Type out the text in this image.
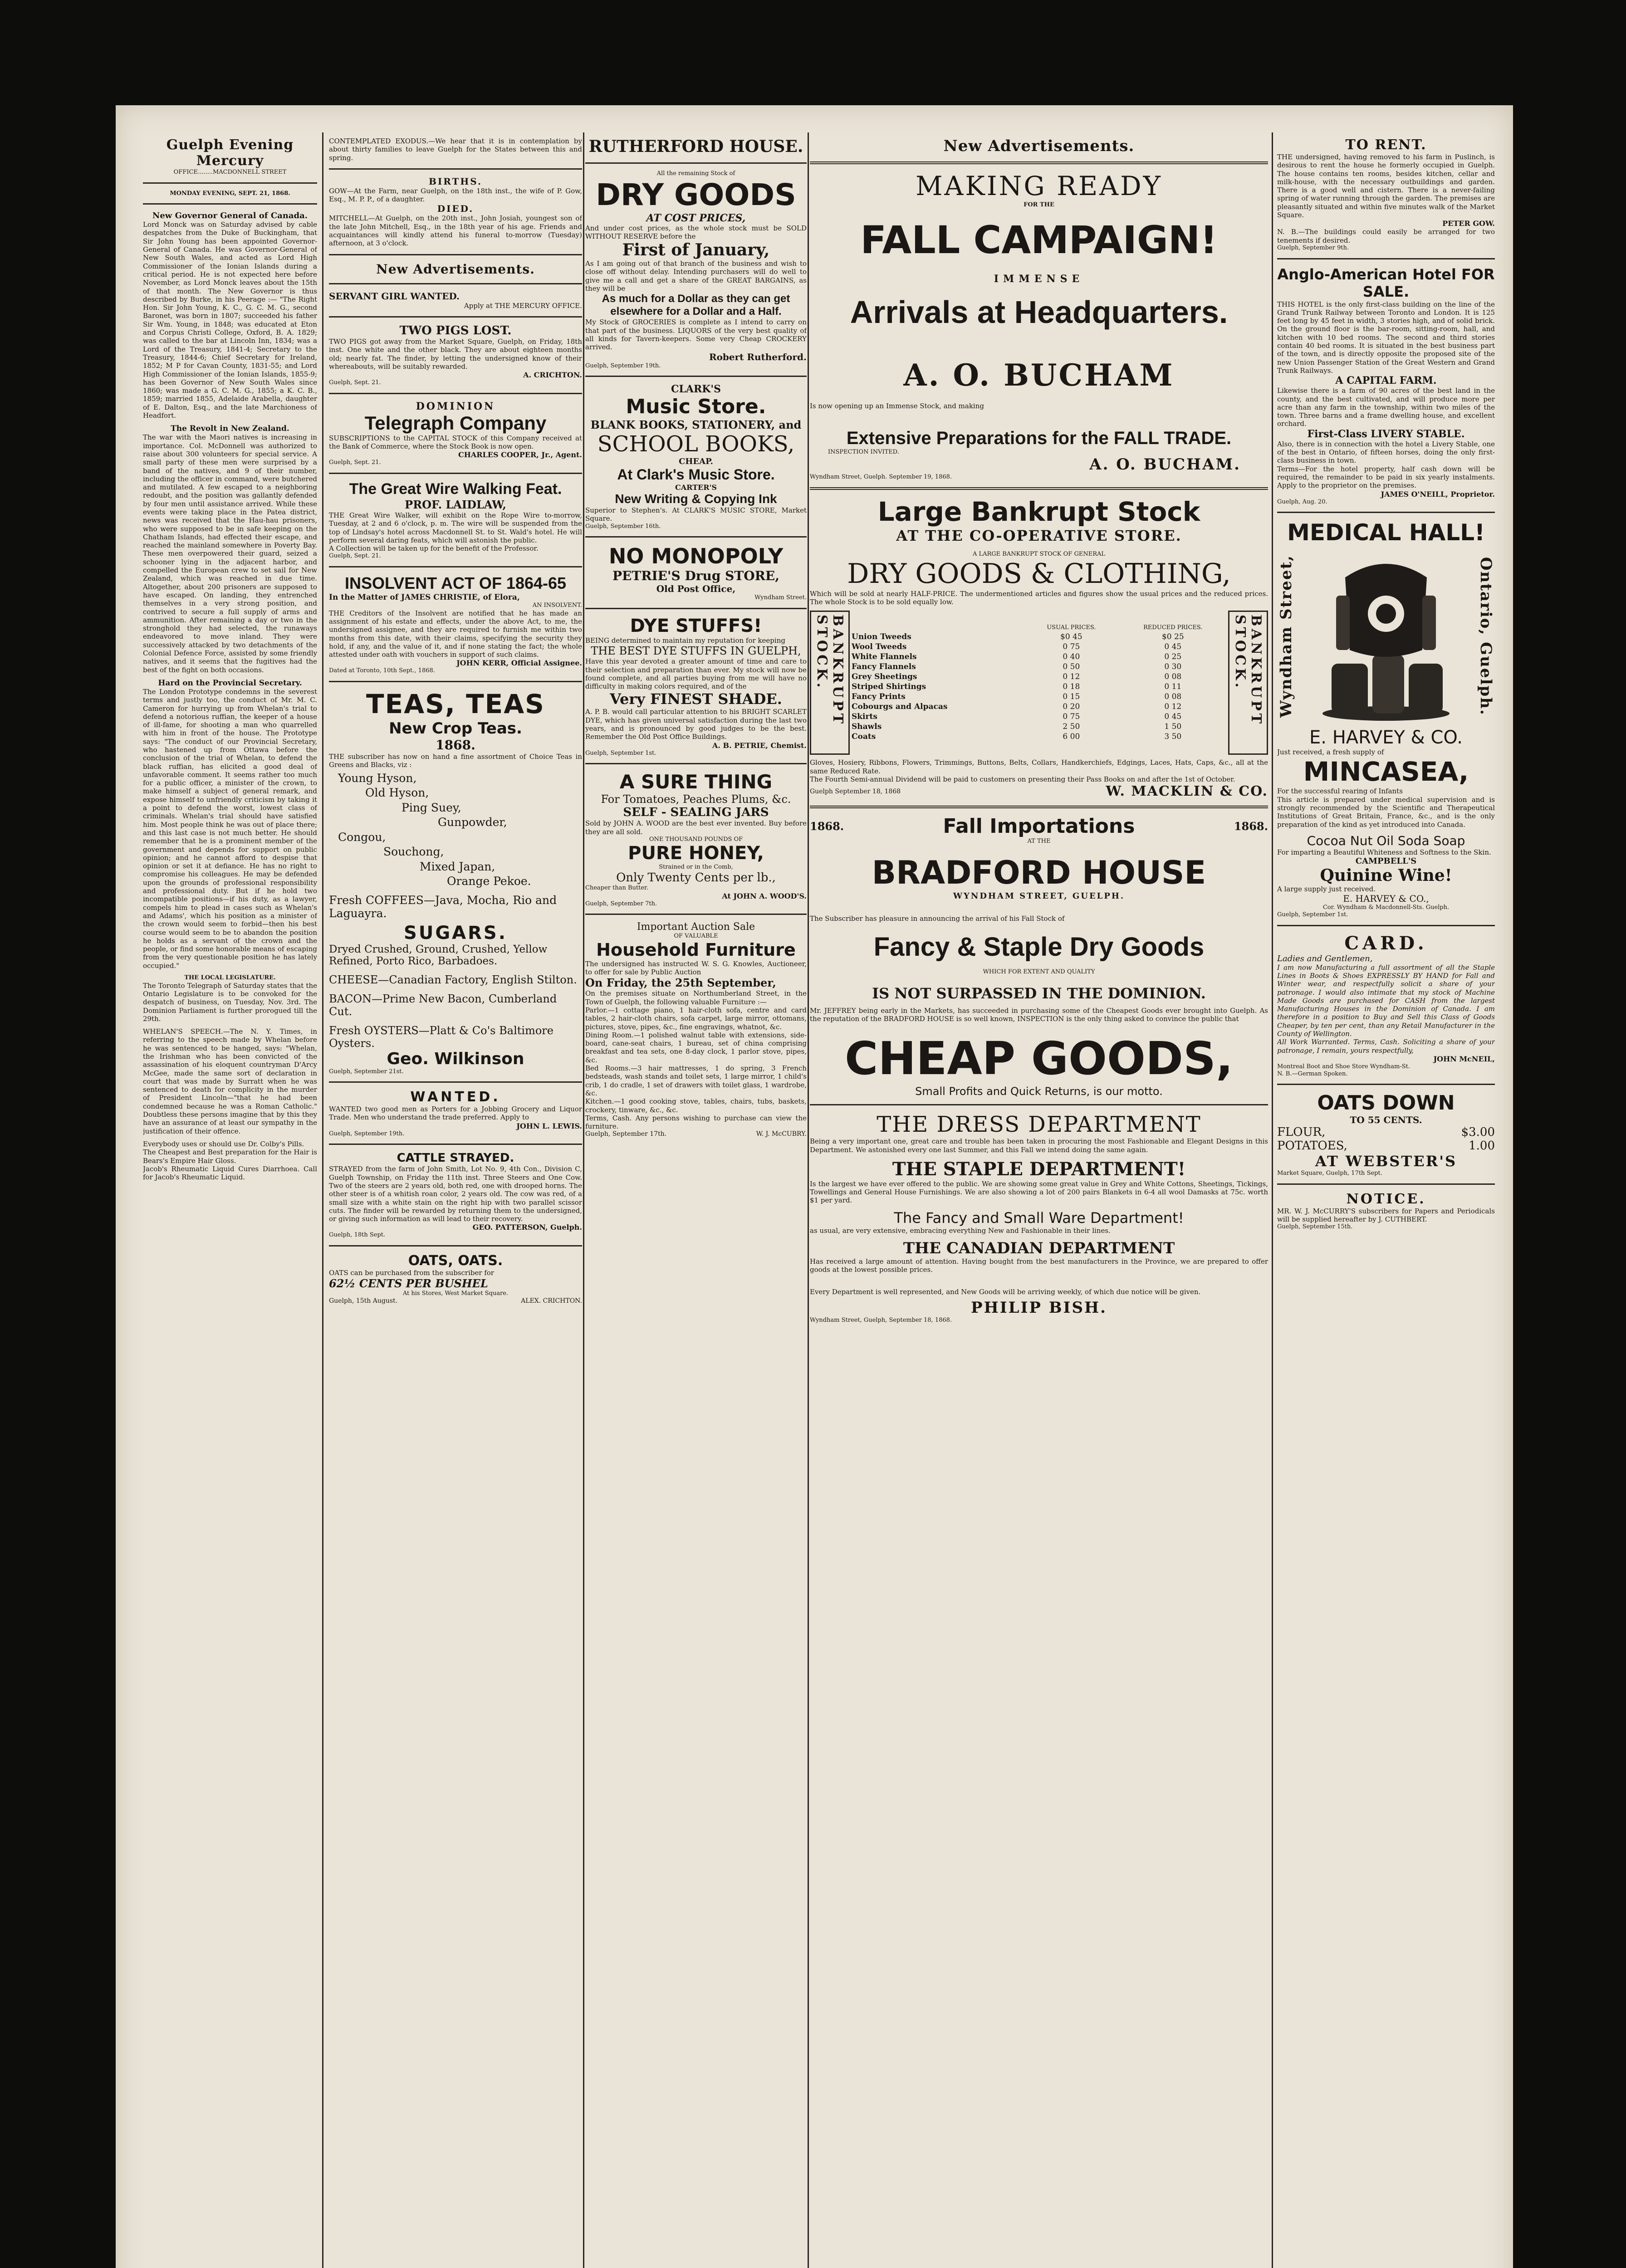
Guelph Evening Mercury
OFFICE........MACDONNELL STREET
MONDAY EVENING, SEPT. 21, 1868.
New Governor General of Canada.
Lord Monck was on Saturday advised by cable despatches from the Duke of Buckingham, that Sir John Young has been appointed Governor-General of Canada. He was Governor-General of New South Wales, and acted as Lord High Commissioner of the Ionian Islands during a critical period. He is not expected here before November, as Lord Monck leaves about the 15th of that month. The New Governor is thus described by Burke, in his Peerage :— "The Right Hon. Sir John Young, K. C., G. C. M. G., second Baronet, was born in 1807; succeeded his father Sir Wm. Young, in 1848; was educated at Eton and Corpus Christi College, Oxford, B. A. 1829; was called to the bar at Lincoln Inn, 1834; was a Lord of the Treasury, 1841-4; Secretary to the Treasury, 1844-6; Chief Secretary for Ireland, 1852; M P for Cavan County, 1831-55; and Lord High Commissioner of the Ionian Islands, 1855-9; has been Governor of New South Wales since 1860; was made a G. C. M. G., 1855; a K. C. B., 1859; married 1855, Adelaide Arabella, daughter of E. Dalton, Esq., and the late Marchioness of Headfort.
The Revolt in New Zealand.
The war with the Maori natives is increasing in importance. Col. McDonnell was authorized to raise about 300 volunteers for special service. A small party of these men were surprised by a band of the natives, and 9 of their number, including the officer in command, were butchered and mutilated. A few escaped to a neighboring redoubt, and the position was gallantly defended by four men until assistance arrived. While these events were taking place in the Patea district, news was received that the Hau-hau prisoners, who were supposed to be in safe keeping on the Chatham Islands, had effected their escape, and reached the mainland somewhere in Poverty Bay. These men overpowered their guard, seized a schooner lying in the adjacent harbor, and compelled the European crew to set sail for New Zealand, which was reached in due time. Altogether, about 200 prisoners are supposed to have escaped. On landing, they entrenched themselves in a very strong position, and contrived to secure a full supply of arms and ammunition. After remaining a day or two in the stronghold they had selected, the runaways endeavored to move inland. They were successively attacked by two detachments of the Colonial Defence Force, assisted by some friendly natives, and it seems that the fugitives had the best of the fight on both occasions.
Hard on the Provincial Secretary.
The London Prototype condemns in the severest terms and justly too, the conduct of Mr. M. C. Cameron for hurrying up from Whelan's trial to defend a notorious ruffian, the keeper of a house of ill-fame, for shooting a man who quarrelled with him in front of the house. The Prototype says: "The conduct of our Provincial Secretary, who hastened up from Ottawa before the conclusion of the trial of Whelan, to defend the black ruffian, has elicited a good deal of unfavorable comment. It seems rather too much for a public officer, a minister of the crown, to make himself a subject of general remark, and expose himself to unfriendly criticism by taking it a point to defend the worst, lowest class of criminals. Whelan's trial should have satisfied him. Most people think he was out of place there; and this last case is not much better. He should remember that he is a prominent member of the government and depends for support on public opinion; and he cannot afford to despise that opinion or set it at defiance. He has no right to compromise his colleagues. He may be defended upon the grounds of professional responsibility and professional duty. But if he hold two incompatible positions—if his duty, as a lawyer, compels him to plead in cases such as Whelan's and Adams', which his position as a minister of the crown would seem to forbid—then his best course would seem to be to abandon the position he holds as a servant of the crown and the people, or find some honorable means of escaping from the very questionable position he has lately occupied."
THE LOCAL LEGISLATURE.
The Toronto Telegraph of Saturday states that the Ontario Legislature is to be convoked for the despatch of business, on Tuesday, Nov. 3rd. The Dominion Parliament is further prorogued till the 29th.
WHELAN'S SPEECH.—The N. Y. Times, in referring to the speech made by Whelan before he was sentenced to be hanged, says: "Whelan, the Irishman who has been convicted of the assassination of his eloquent countryman D'Arcy McGee, made the same sort of declaration in court that was made by Surratt when he was sentenced to death for complicity in the murder of President Lincoln—"that he had been condemned because he was a Roman Catholic." Doubtless these persons imagine that by this they have an assurance of at least our sympathy in the justification of their offence.
Everybody uses or should use Dr. Colby's Pills.
The Cheapest and Best preparation for the Hair is Bears's Empire Hair Gloss.
Jacob's Rheumatic Liquid Cures Diarrhoea. Call for Jacob's Rheumatic Liquid.
CONTEMPLATED EXODUS.—We hear that it is in contemplation by about thirty families to leave Guelph for the States between this and spring.
BIRTHS.
GOW—At the Farm, near Guelph, on the 18th inst., the wife of P. Gow, Esq., M. P. P., of a daughter.
DIED.
MITCHELL—At Guelph, on the 20th inst., John Josiah, youngest son of the late John Mitchell, Esq., in the 18th year of his age. Friends and acquaintances will kindly attend his funeral to-morrow (Tuesday) afternoon, at 3 o'clock.
New Advertisements.
SERVANT GIRL WANTED.
Apply at THE MERCURY OFFICE.
TWO PIGS LOST.
TWO PIGS got away from the Market Square, Guelph, on Friday, 18th inst. One white and the other black. They are about eighteen months old; nearly fat. The finder, by letting the undersigned know of their whereabouts, will be suitably rewarded.
A. CRICHTON.
Guelph, Sept. 21.
DOMINION
Telegraph Company
SUBSCRIPTIONS to the CAPITAL STOCK of this Company received at the Bank of Commerce, where the Stock Book is now open.
CHARLES COOPER, Jr., Agent.
Guelph, Sept. 21.
The Great Wire Walking Feat.
PROF. LAIDLAW,
THE Great Wire Walker, will exhibit on the Rope Wire to-morrow, Tuesday, at 2 and 6 o'clock, p. m. The wire will be suspended from the top of Lindsay's hotel across Macdonnell St. to St. Wald's hotel. He will perform several daring feats, which will astonish the public.
A Collection will be taken up for the benefit of the Professor.
Guelph, Sept. 21.
INSOLVENT ACT OF 1864-65
In the Matter of JAMES CHRISTIE, of Elora,
AN INSOLVENT.
THE Creditors of the Insolvent are notified that he has made an assignment of his estate and effects, under the above Act, to me, the undersigned assignee, and they are required to furnish me within two months from this date, with their claims, specifying the security they hold, if any, and the value of it, and if none stating the fact; the whole attested under oath with vouchers in support of such claims.
JOHN KERR, Official Assignee.
Dated at Toronto, 10th Sept., 1868.
TEAS, TEAS
New Crop Teas.
1868.
THE subscriber has now on hand a fine assortment of Choice Teas in Greens and Blacks, viz :
Young Hyson,
Old Hyson,
Ping Suey,
Gunpowder,
Congou,
Souchong,
Mixed Japan,
Orange Pekoe.
Fresh COFFEES—Java, Mocha, Rio and Laguayra.
SUGARS.
Dryed Crushed, Ground, Crushed, Yellow Refined, Porto Rico, Barbadoes.
CHEESE—Canadian Factory, English Stilton.
BACON—Prime New Bacon, Cumberland Cut.
Fresh OYSTERS—Platt & Co's Baltimore Oysters.
Geo. Wilkinson
Guelph, September 21st.
WANTED.
WANTED two good men as Porters for a Jobbing Grocery and Liquor Trade. Men who understand the trade preferred. Apply to
JOHN L. LEWIS.
Guelph, September 19th.
CATTLE STRAYED.
STRAYED from the farm of John Smith, Lot No. 9, 4th Con., Division C, Guelph Township, on Friday the 11th inst. Three Steers and One Cow. Two of the steers are 2 years old, both red, one with drooped horns. The other steer is of a whitish roan color, 2 years old. The cow was red, of a small size with a white stain on the right hip with two parallel scissor cuts. The finder will be rewarded by returning them to the undersigned, or giving such information as will lead to their recovery.
GEO. PATTERSON, Guelph.
Guelph, 18th Sept.
OATS, OATS.
OATS can be purchased from the subscriber for
62½ CENTS PER BUSHEL
At his Stores, West Market Square.
Guelph, 15th August.	ALEX. CRICHTON.
RUTHERFORD HOUSE.
All the remaining Stock of
DRY GOODS
AT COST PRICES,
And under cost prices, as the whole stock must be SOLD WITHOUT RESERVE before the
First of January,
As I am going out of that branch of the business and wish to close off without delay. Intending purchasers will do well to give me a call and get a share of the GREAT BARGAINS, as they will be
As much for a Dollar as they can get elsewhere for a Dollar and a Half.
My Stock of GROCERIES is complete as I intend to carry on that part of the business. LIQUORS of the very best quality of all kinds for Tavern-keepers. Some very Cheap CROCKERY arrived.
Robert Rutherford.
Guelph, September 19th.
CLARK'S
Music Store.
BLANK BOOKS, STATIONERY, and
SCHOOL BOOKS,
CHEAP.
At Clark's Music Store.
CARTER'S
New Writing & Copying Ink
Superior to Stephen's. At CLARK'S MUSIC STORE, Market Square.
Guelph, September 16th.
NO MONOPOLY
PETRIE'S Drug STORE,
Old Post Office,
Wyndham Street.
DYE STUFFS!
BEING determined to maintain my reputation for keeping
THE BEST DYE STUFFS IN GUELPH,
Have this year devoted a greater amount of time and care to their selection and preparation than ever. My stock will now be found complete, and all parties buying from me will have no difficulty in making colors required, and of the
Very FINEST SHADE.
A. P. B. would call particular attention to his BRIGHT SCARLET DYE, which has given universal satisfaction during the last two years, and is pronounced by good judges to be the best. Remember the Old Post Office Buildings.
A. B. PETRIE, Chemist.
Guelph, September 1st.
A SURE THING
For Tomatoes, Peaches Plums, &c.
SELF - SEALING JARS
Sold by JOHN A. WOOD are the best ever invented. Buy before they are all sold.
ONE THOUSAND POUNDS OF
PURE HONEY,
Strained or in the Comb,
Only Twenty Cents per lb.,
Cheaper than Butter.
At JOHN A. WOOD'S.
Guelph, September 7th.
Important Auction Sale
OF VALUABLE
Household Furniture
The undersigned has instructed W. S. G. Knowles, Auctioneer, to offer for sale by Public Auction
On Friday, the 25th September,
On the premises situate on Northumberland Street, in the Town of Guelph, the following valuable Furniture :—
Parlor.—1 cottage piano, 1 hair-cloth sofa, centre and card tables, 2 hair-cloth chairs, sofa carpet, large mirror, ottomans, pictures, stove, pipes, &c., fine engravings, whatnot, &c.
Dining Room.—1 polished walnut table with extensions, side-board, cane-seat chairs, 1 bureau, set of china comprising breakfast and tea sets, one 8-day clock, 1 parlor stove, pipes, &c.
Bed Rooms.—3 hair mattresses, 1 do spring, 3 French bedsteads, wash stands and toilet sets, 1 large mirror, 1 child's crib, 1 do cradle, 1 set of drawers with toilet glass, 1 wardrobe, &c.
Kitchen.—1 good cooking stove, tables, chairs, tubs, baskets, crockery, tinware, &c., &c.
Terms, Cash. Any persons wishing to purchase can view the furniture.
Guelph, September 17th.	W. J. McCUBRY.
New Advertisements.
MAKING READY
FOR THE
FALL CAMPAIGN!
IMMENSE
Arrivals at Headquarters.
A. O. BUCHAM
Is now opening up an Immense Stock, and making
Extensive Preparations for the FALL TRADE.
INSPECTION INVITED.
A. O. BUCHAM.
Wyndham Street, Guelph. September 19, 1868.
Large Bankrupt Stock
AT THE CO-OPERATIVE STORE.
A LARGE BANKRUPT STOCK OF GENERAL
DRY GOODS & CLOTHING,
Which will be sold at nearly HALF-PRICE. The undermentioned articles and figures show the usual prices and the reduced prices. The whole Stock is to be sold equally low.
BANKRUPT STOCK.
		USUAL PRICES.	REDUCED PRICES.
Union Tweeds	$0 45	$0 25
Wool Tweeds	0 75	0 45
White Flannels	0 40	0 25
Fancy Flannels	0 50	0 30
Grey Sheetings	0 12	0 08
Striped Shirtings	0 18	0 11
Fancy Prints	0 15	0 08
Cobourgs and Alpacas	0 20	0 12
Skirts	0 75	0 45
Shawls	2 50	1 50
Coats	6 00	3 50
BANKRUPT STOCK.
Gloves, Hosiery, Ribbons, Flowers, Trimmings, Buttons, Belts, Collars, Handkerchiefs, Edgings, Laces, Hats, Caps, &c., all at the same Reduced Rate.
The Fourth Semi-annual Dividend will be paid to customers on presenting their Pass Books on and after the 1st of October.
Guelph September 18, 1868	W. MACKLIN & CO.
1868.	Fall Importations	1868.
AT THE
BRADFORD HOUSE
WYNDHAM STREET, GUELPH.
The Subscriber has pleasure in announcing the arrival of his Fall Stock of
Fancy & Staple Dry Goods
WHICH FOR EXTENT AND QUALITY
IS NOT SURPASSED IN THE DOMINION.
Mr. JEFFREY being early in the Markets, has succeeded in purchasing some of the Cheapest Goods ever brought into Guelph. As the reputation of the BRADFORD HOUSE is so well known, INSPECTION is the only thing asked to convince the public that
CHEAP GOODS,
Small Profits and Quick Returns, is our motto.
THE DRESS DEPARTMENT
Being a very important one, great care and trouble has been taken in procuring the most Fashionable and Elegant Designs in this Department. We astonished every one last Summer, and this Fall we intend doing the same again.
THE STAPLE DEPARTMENT!
Is the largest we have ever offered to the public. We are showing some great value in Grey and White Cottons, Sheetings, Tickings, Towellings and General House Furnishings. We are also showing a lot of 200 pairs Blankets in 6-4 all wool Damasks at 75c. worth $1 per yard.
The Fancy and Small Ware Department!
as usual, are very extensive, embracing everything New and Fashionable in their lines.
THE CANADIAN DEPARTMENT
Has received a large amount of attention. Having bought from the best manufacturers in the Province, we are prepared to offer goods at the lowest possible prices.
Every Department is well represented, and New Goods will be arriving weekly, of which due notice will be given.
PHILIP BISH.
Wyndham Street, Guelph, September 18, 1868.
TO RENT.
THE undersigned, having removed to his farm in Puslinch, is desirous to rent the house he formerly occupied in Guelph. The house contains ten rooms, besides kitchen, cellar and milk-house, with the necessary outbuildings and garden. There is a good well and cistern. There is a never-failing spring of water running through the garden. The premises are pleasantly situated and within five minutes walk of the Market Square.
PETER GOW.
N. B.—The buildings could easily be arranged for two tenements if desired.
Guelph, September 9th.
Anglo-American Hotel FOR SALE.
THIS HOTEL is the only first-class building on the line of the Grand Trunk Railway between Toronto and London. It is 125 feet long by 45 feet in width, 3 stories high, and of solid brick. On the ground floor is the bar-room, sitting-room, hall, and kitchen with 10 bed rooms. The second and third stories contain 40 bed rooms. It is situated in the best business part of the town, and is directly opposite the proposed site of the new Union Passenger Station of the Great Western and Grand Trunk Railways.
A CAPITAL FARM.
Likewise there is a farm of 90 acres of the best land in the county, and the best cultivated, and will produce more per acre than any farm in the township, within two miles of the town. Three barns and a frame dwelling house, and excellent orchard.
First-Class LIVERY STABLE.
Also, there is in connection with the hotel a Livery Stable, one of the best in Ontario, of fifteen horses, doing the only first-class business in town.
Terms—For the hotel property, half cash down will be required, the remainder to be paid in six yearly instalments. Apply to the proprietor on the premises.
JAMES O'NEILL, Proprietor.
Guelph, Aug. 20.
MEDICAL HALL!
Wyndham Street,	Ontario, Guelph.
E. HARVEY & CO.
Just received, a fresh supply of
MINCASEA,
For the successful rearing of Infants
This article is prepared under medical supervision and is strongly recommended by the Scientific and Therapeutical Institutions of Great Britain, France, &c., and is the only preparation of the kind as yet introduced into Canada.
Cocoa Nut Oil Soda Soap
For imparting a Beautiful Whiteness and Softness to the Skin.
CAMPBELL'S
Quinine Wine!
A large supply just received.
E. HARVEY & CO.,
Cor. Wyndham & Macdonnell-Sts. Guelph.
Guelph, September 1st.
CARD.
Ladies and Gentlemen,
I am now Manufacturing a full assortment of all the Staple Lines in Boots & Shoes EXPRESSLY BY HAND for Fall and Winter wear, and respectfully solicit a share of your patronage. I would also intimate that my stock of Machine Made Goods are purchased for CASH from the largest Manufacturing Houses in the Dominion of Canada. I am therefore in a position to Buy and Sell this Class of Goods Cheaper, by ten per cent, than any Retail Manufacturer in the County of Wellington.
All Work Warranted. Terms, Cash. Soliciting a share of your patronage, I remain, yours respectfully,
JOHN McNEIL,
Montreal Boot and Shoe Store Wyndham-St.
N. B.—German Spoken.
OATS DOWN
TO 55 CENTS.
FLOUR,	$3.00
POTATOES,	1.00
AT WEBSTER'S
Market Square, Guelph, 17th Sept.
NOTICE.
MR. W. J. McCURRY'S subscribers for Papers and Periodicals will be supplied hereafter by J. CUTHBERT.
Guelph, September 15th.
